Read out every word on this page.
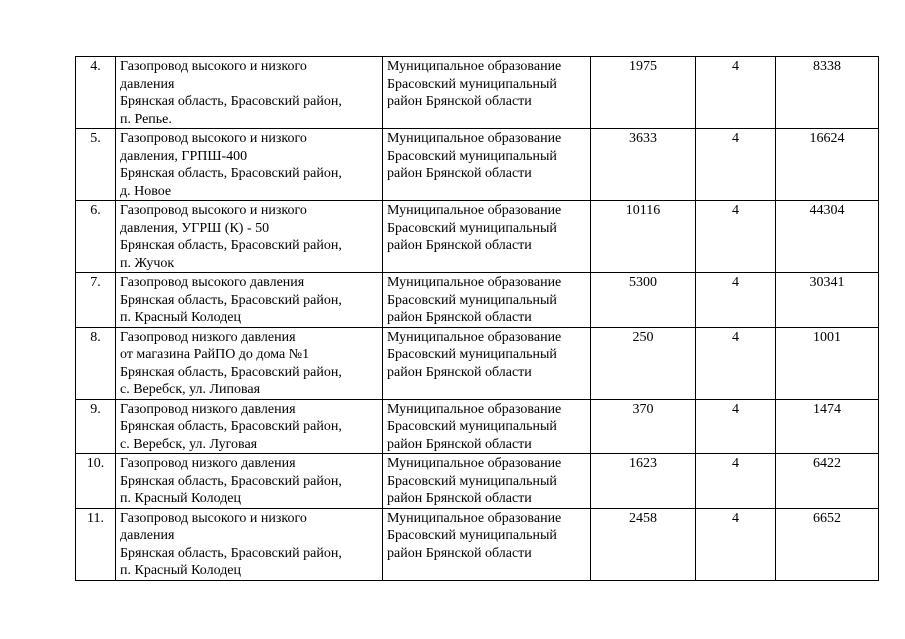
4.	Газопровод высокого и низкого
давления
Брянская область, Брасовский район,
п. Репье.	Муниципальное образование
Брасовский муниципальный
район Брянской области	1975	4	8338
5.	Газопровод высокого и низкого
давления, ГРПШ-400
Брянская область, Брасовский район,
д. Новое	Муниципальное образование
Брасовский муниципальный
район Брянской области	3633	4	16624
6.	Газопровод высокого и низкого
давления, УГРШ (К) - 50
Брянская область, Брасовский район,
п. Жучок	Муниципальное образование
Брасовский муниципальный
район Брянской области	10116	4	44304
7.	Газопровод высокого давления
Брянская область, Брасовский район,
п. Красный Колодец	Муниципальное образование
Брасовский муниципальный
район Брянской области	5300	4	30341
8.	Газопровод низкого давления
от магазина РайПО до дома №1
Брянская область, Брасовский район,
с. Веребск, ул. Липовая	Муниципальное образование
Брасовский муниципальный
район Брянской области	250	4	1001
9.	Газопровод низкого давления
Брянская область, Брасовский район,
с. Веребск, ул. Луговая	Муниципальное образование
Брасовский муниципальный
район Брянской области	370	4	1474
10.	Газопровод низкого давления
Брянская область, Брасовский район,
п. Красный Колодец	Муниципальное образование
Брасовский муниципальный
район Брянской области	1623	4	6422
11.	Газопровод высокого и низкого
давления
Брянская область, Брасовский район,
п. Красный Колодец	Муниципальное образование
Брасовский муниципальный
район Брянской области	2458	4	6652
